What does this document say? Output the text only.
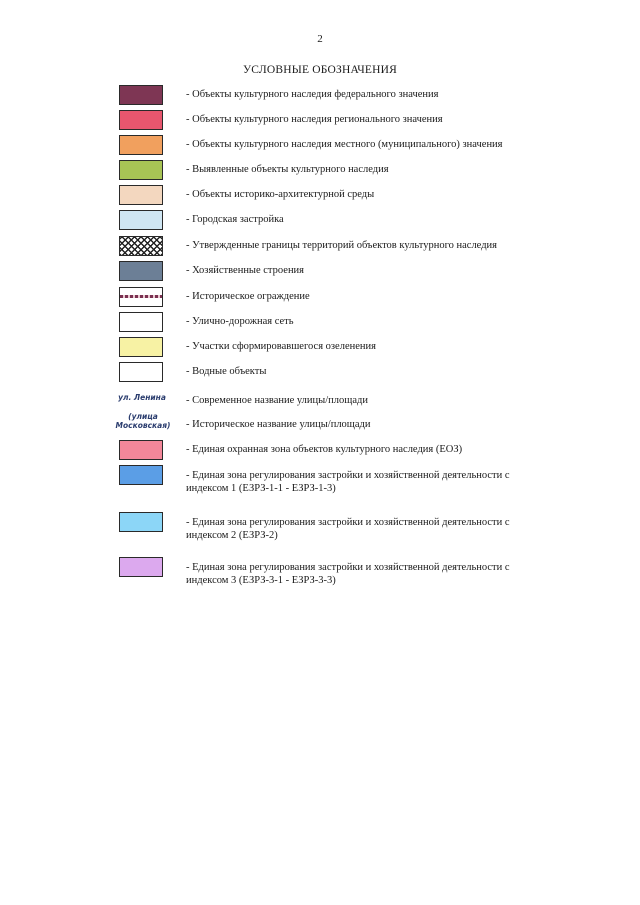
2
УСЛОВНЫЕ ОБОЗНАЧЕНИЯ
- Объекты культурного наследия федерального значения
- Объекты культурного наследия регионального значения
- Объекты культурного наследия местного (муниципального) значения
- Выявленные объекты культурного наследия
- Объекты историко-архитектурной среды
- Городская застройка
- Утвержденные границы территорий объектов культурного наследия
- Хозяйственные строения
- Историческое ограждение
- Улично-дорожная сеть
- Участки сформировавшегося озеленения
- Водные объекты
ул. Ленина - Современное название улицы/площади
(улица
Московская)	- Историческое название улицы/площади
- Единая охранная зона объектов культурного наследия (ЕОЗ)
- Единая зона регулирования застройки и хозяйственной деятельности с
индексом 1 (ЕЗРЗ-1-1 - ЕЗРЗ-1-3)
- Единая зона регулирования застройки и хозяйственной деятельности с
индексом 2 (ЕЗРЗ-2)
- Единая зона регулирования застройки и хозяйственной деятельности с
индексом 3 (ЕЗРЗ-3-1 - ЕЗРЗ-3-3)
